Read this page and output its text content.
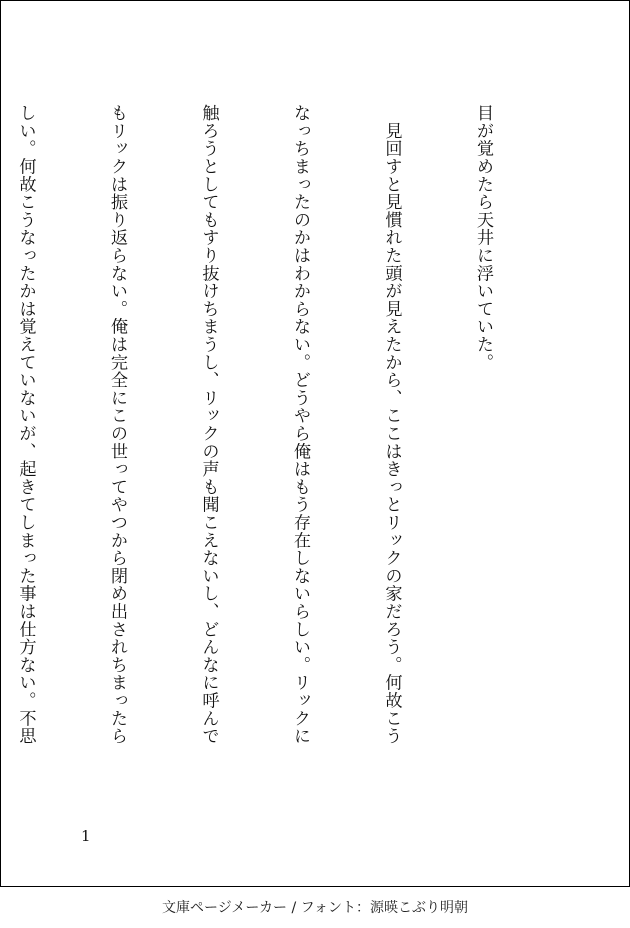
目が覚めたら天井に浮いていた。

　見回すと見慣れた頭が見えたから、ここはきっとリックの家だろう。何故こう

なっちまったのかはわからない。どうやら俺はもう存在しないらしい。リックに

触ろうとしてもすり抜けちまうし、リックの声も聞こえないし、どんなに呼んで

もリックは振り返らない。俺は完全にこの世ってやつから閉め出されちまったら

しい。何故こうなったかは覚えていないが、起きてしまった事は仕方ない。不思

1
文庫ページメーカー / フォント：源暎こぶり明朝
